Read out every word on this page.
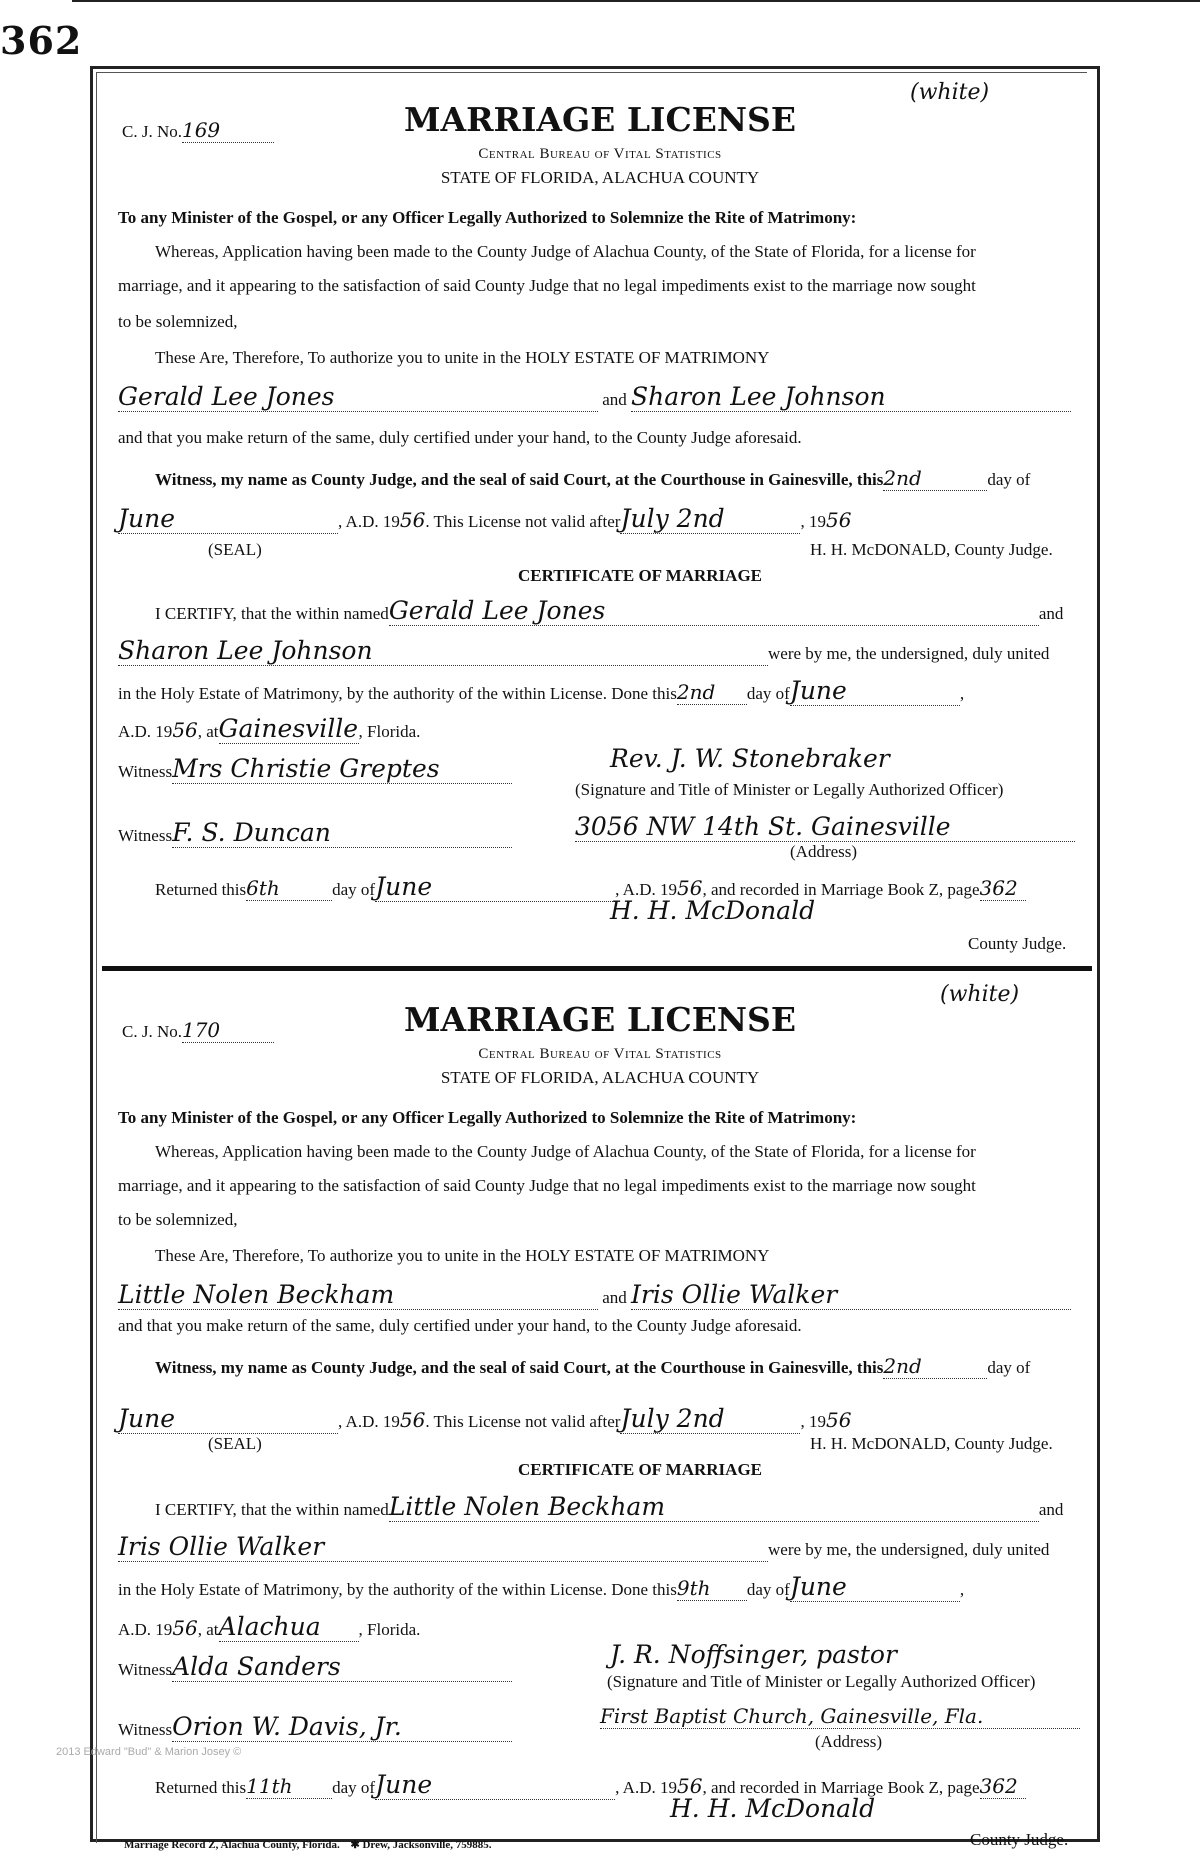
362
C. J. No.169
(white)
MARRIAGE LICENSE
Central Bureau of Vital Statistics
STATE OF FLORIDA, ALACHUA COUNTY
To any Minister of the Gospel, or any Officer Legally Authorized to Solemnize the Rite of Matrimony:
Whereas, Application having been made to the County Judge of Alachua County, of the State of Florida, for a license for
marriage, and it appearing to the satisfaction of said County Judge that no legal impediments exist to the marriage now sought
to be solemnized,
These Are, Therefore, To authorize you to unite in the HOLY ESTATE OF MATRIMONY
Gerald Lee Jones	and Sharon Lee Johnson
and that you make return of the same, duly certified under your hand, to the County Judge aforesaid.
Witness, my name as County Judge, and the seal of said Court, at the Courthouse in Gainesville, this2nd	day of
June	, A.D. 1956. This License not valid afterJuly 2nd	, 1956
(SEAL)	H. H. McDONALD, County Judge.
CERTIFICATE OF MARRIAGE
I CERTIFY, that the within namedGerald Lee Jones	and
Sharon Lee Johnson	were by me, the undersigned, duly united
in the Holy Estate of Matrimony, by the authority of the within License. Done this2nd day ofJune	,
A.D. 1956, atGainesville, Florida.
WitnessMrs Christie Greptes	Rev. J. W. Stonebraker
(Signature and Title of Minister or Legally Authorized Officer)
WitnessF. S. Duncan	3056 NW 14th St. Gainesville
(Address)
Returned this6th	day ofJune	, A.D. 1956, and recorded in Marriage Book Z, page362
H. H. McDonald
County Judge.
C. J. No.170
(white)
MARRIAGE LICENSE
Central Bureau of Vital Statistics
STATE OF FLORIDA, ALACHUA COUNTY
To any Minister of the Gospel, or any Officer Legally Authorized to Solemnize the Rite of Matrimony:
Whereas, Application having been made to the County Judge of Alachua County, of the State of Florida, for a license for
marriage, and it appearing to the satisfaction of said County Judge that no legal impediments exist to the marriage now sought
to be solemnized,
These Are, Therefore, To authorize you to unite in the HOLY ESTATE OF MATRIMONY
Little Nolen Beckham	and Iris Ollie Walker
and that you make return of the same, duly certified under your hand, to the County Judge aforesaid.
Witness, my name as County Judge, and the seal of said Court, at the Courthouse in Gainesville, this2nd	day of
June	, A.D. 1956. This License not valid afterJuly 2nd	, 1956
(SEAL)	H. H. McDONALD, County Judge.
CERTIFICATE OF MARRIAGE
I CERTIFY, that the within namedLittle Nolen Beckham	and
Iris Ollie Walker	were by me, the undersigned, duly united
in the Holy Estate of Matrimony, by the authority of the within License. Done this9th day ofJune	,
A.D. 1956, atAlachua , Florida.
WitnessAlda Sanders	J. R. Noffsinger, pastor
(Signature and Title of Minister or Legally Authorized Officer)
WitnessOrion W. Davis, Jr.	First Baptist Church, Gainesville, Fla.
(Address)
Returned this11th day ofJune	, A.D. 1956, and recorded in Marriage Book Z, page362
H. H. McDonald
County Judge.
Marriage Record Z, Alachua County, Florida. ✱ Drew, Jacksonville, 759885.
2013 Edward "Bud" & Marion Josey ©
